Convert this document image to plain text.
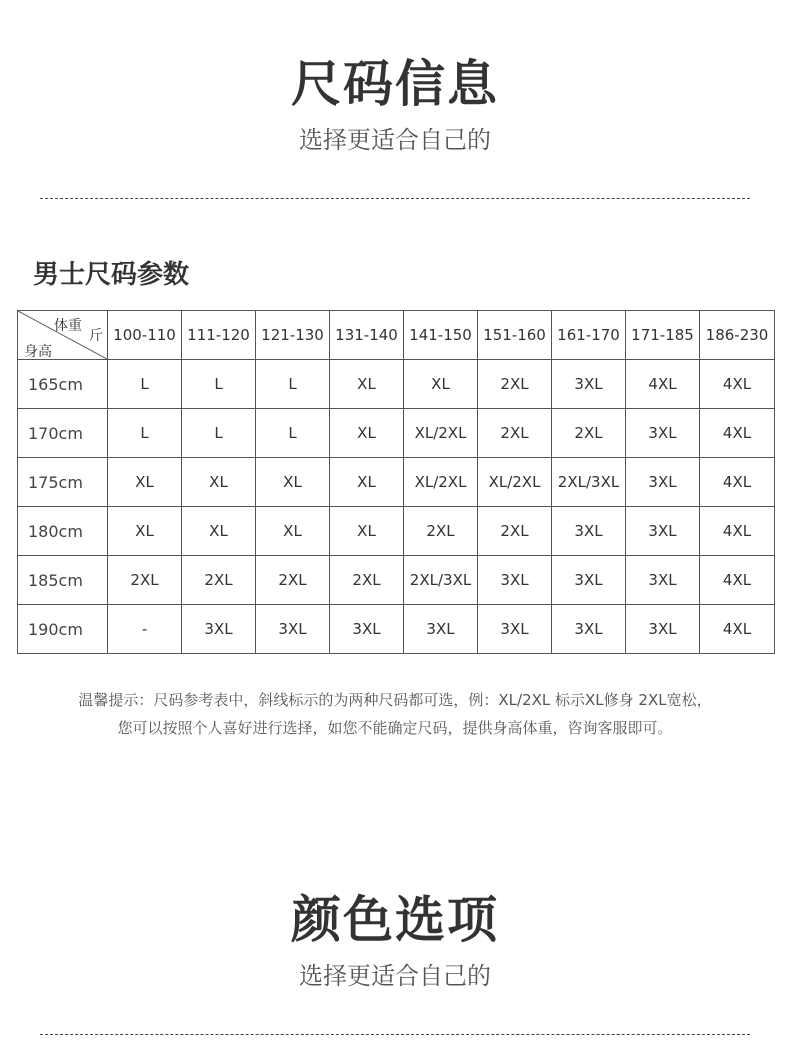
尺码信息
选择更适合自己的
男士尺码参数
体重
斤
身高	100-110	111-120	121-130	131-140	141-150	151-160	161-170	171-185	186-230
165cm	L	L	L	XL	XL	2XL	3XL	4XL	4XL
170cm	L	L	L	XL	XL/2XL	2XL	2XL	3XL	4XL
175cm	XL	XL	XL	XL	XL/2XL	XL/2XL	2XL/3XL	3XL	4XL
180cm	XL	XL	XL	XL	2XL	2XL	3XL	3XL	4XL
185cm	2XL	2XL	2XL	2XL	2XL/3XL	3XL	3XL	3XL	4XL
190cm	-	3XL	3XL	3XL	3XL	3XL	3XL	3XL	4XL
温馨提示：尺码参考表中，斜线标示的为两种尺码都可选，例：XL/2XL 标示XL修身 2XL宽松，
您可以按照个人喜好进行选择，如您不能确定尺码，提供身高体重，咨询客服即可。
颜色选项
选择更适合自己的
